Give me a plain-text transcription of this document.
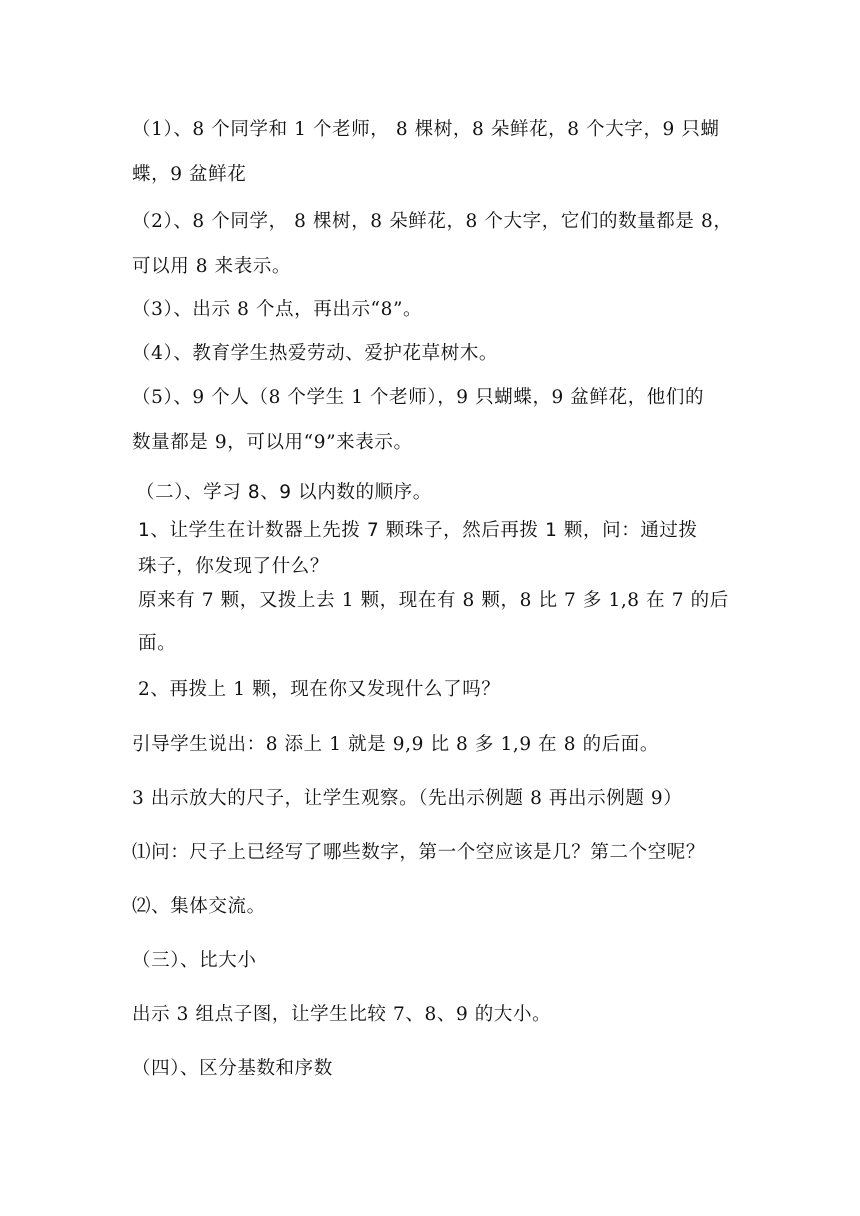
（1）、8 个同学和 1 个老师， 8 棵树，8 朵鲜花，8 个大字，9 只蝴
蝶，9 盆鲜花
（2）、8 个同学， 8 棵树，8 朵鲜花，8 个大字，它们的数量都是 8，
可以用 8 来表示。
（3）、出示 8 个点，再出示“8”。
（4）、教育学生热爱劳动、爱护花草树木。
（5）、9 个人（8 个学生 1 个老师），9 只蝴蝶，9 盆鲜花，他们的
数量都是 9，可以用“9”来表示。
（二）、学习 8、9 以内数的顺序。
1、让学生在计数器上先拨 7 颗珠子，然后再拨 1 颗，问：通过拨
珠子，你发现了什么？
原来有 7 颗，又拨上去 1 颗，现在有 8 颗，8 比 7 多 1,8 在 7 的后
面。
2、再拨上 1 颗，现在你又发现什么了吗？
引导学生说出：8 添上 1 就是 9,9 比 8 多 1,9 在 8 的后面。
3 出示放大的尺子，让学生观察。（先出示例题 8 再出示例题 9）
⑴问：尺子上已经写了哪些数字，第一个空应该是几？第二个空呢？
⑵、集体交流。
（三）、比大小
出示 3 组点子图，让学生比较 7、8、9 的大小。
（四）、区分基数和序数
